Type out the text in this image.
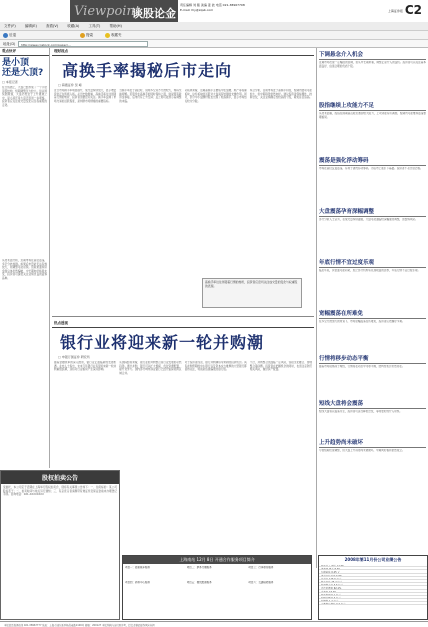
Viewpoint
谈股论金
责任编辑 刘 雁 美编 姜 波 电话 021-38967708
E-mail: lhy@zqsb.com	上海证券报 C2
文件(F)	编辑(E)	查看(V)	收藏(A)	工具(T)	帮助(H)
后退	搜索	收藏夹
地址(D)	http://www.cnstock.com/paper/...
观点快评
是小顶
还是大顶?
□ 本报记者
在日线图上，大盘已经形成了一个小型顶部结构，短期调整压力较大。但从周线图观察，大盘仍然处于上升通道之中，是小顶还是大顶还需进一步观察。投资者应关注成交量变化以及权重股的走势。
从技术面分析，近期市场在高位震荡，多空分歧加剧。如果后市量能无法有效放大，则调整可能延续。但政策面和资金面总体仍然偏暖，中长期向好格局未变，投资者可逢低关注业绩优良的蓝筹品种。
理财视点
高换手率揭秘后市走向
□ 海通证券 吴 峰
近日市场换手率明显提升，成交量持续放大，显示增量资金正在积极入场。从历史数据看，高换手率往往伴随着行情的转折，投资者需要密切关注。换手率反映了市场交易的活跃程度，是判断市场情绪的重要指标。
当换手率处于高位时，说明多空双方分歧较大，筹码交换频繁。若股价在高换手的同时保持上涨，则说明有新资金承接，后市仍有上升空间；反之则可能预示着调整的来临。
从板块来看，近期高换手主要集中在金融、地产等权重板块，这些板块的活跃对大盘具有较强的支撑作用。同时，部分中小盘题材股也出现了较高换手，显示市场热点较为分散。
综合分析，目前市场处于高换手阶段，短期内波动可能加大，但中期趋势依然向好。建议投资者保持理性，控制仓位，关注业绩确定性较高的个股，避免盲目追高。
高换手率往往伴随着行情的转折，投资者应密切关注成交量的变化与权重股的表现。
热点透视
银行业将迎来新一轮并购潮
□ 申银万国证券 研究所
随着金融改革的深入推进，银行业正面临新的发展机遇。业内人士指出，未来几年银行业有望迎来新一轮并购重组浪潮，这将对行业格局产生深远影响。
从国际经验来看，银行业的并购整合是行业发展的必然趋势。通过并购，银行可以扩大规模、优化资源配置、提升竞争力。国内部分城市商业银行已经开始探索跨区域合并。
对于投资者而言，银行并购潮将带来新的投资机会。具有并购预期的中小银行以及资本实力雄厚的大型银行都值得关注，特别是估值偏低的银行股。
不过，并购整合也面临一定风险，包括文化融合、管理整合等问题。投资者在把握机会的同时，也需注意防范相关风险，做好资产配置。
下调悬念介入机会
近期市场出现一定幅度的回调，但从中长期来看，调整正是介入的良机。投资者可以关注基本面良好、估值合理的优质个股。
股指继续上攻能力不足
从技术面看，股指在前期高点附近遇到较大阻力，上攻动能有所减弱，短期内可能维持震荡整理格局。
震荡是强化浮动筹码
市场在高位反复震荡，有利于清洗浮动筹码，为后市上涨打下基础。投资者不必过度恐慌。
大盘震荡孕育深幅调整
部分分析人士认为，若成交量持续萎缩，大盘可能面临较深幅度的调整，需警惕风险。
年底行情不宜过度乐观
临近年底，资金面可能趋紧，加之部分机构有兑现收益的需求，年底行情不宜过度乐观。
宽幅震荡在所难免
在多空分歧加大的背景下，市场宽幅震荡在所难免，投资者应把握好节奏。
行情将移步动态平衡
随着市场逐渐趋于理性，行情将在动态中寻求平衡，结构性机会仍然存在。
短线大盘将会震荡
短线大盘将以震荡为主，投资者可适当降低仓位，等待更好的介入时机。
上升趋势尚未破坏
尽管短期出现调整，但大盘上升趋势尚未被破坏，中期向好格局依然成立。
股权拍卖公告
受委托，本公司定于近期在上海举行股权拍卖会，现将有关事项公告如下：一、拍卖标的：某公司股权若干；二、拍卖时间与地点另行通知；三、有意竞买者请携带有效证件及保证金前来办理登记手续。咨询电话：021-XXXXXXXX
上海南站 12月 8日 开通合作服务项目简介
项目一：旅客候车服务	项目二：票务代理服务	项目三：行李寄存服务
项目四：商务中心服务	项目五：餐饮配套服务	项目六：交通接驳服务
2008年第11月份公司业绩公告
营业收入 增长 12.5%
净利润 增长 8.3%
每股收益 0.25 元
净资产收益率 6.8%
总资产 125.6 亿元
股东权益 45.2 亿元
经营现金流 3.6 亿元
资产负债率 62.1%
毛利率 23.4%
营业利润 5.1 亿元
利润总额 5.3 亿元
所得税 1.2 亿元
少数股东损益 0.3 亿元
本报信息服务热线 021-38967777 地址：上海市浦东新区杨高南路1100号 邮编：200127 本报所载内容仅供参考，投资者据此操作风险自担
